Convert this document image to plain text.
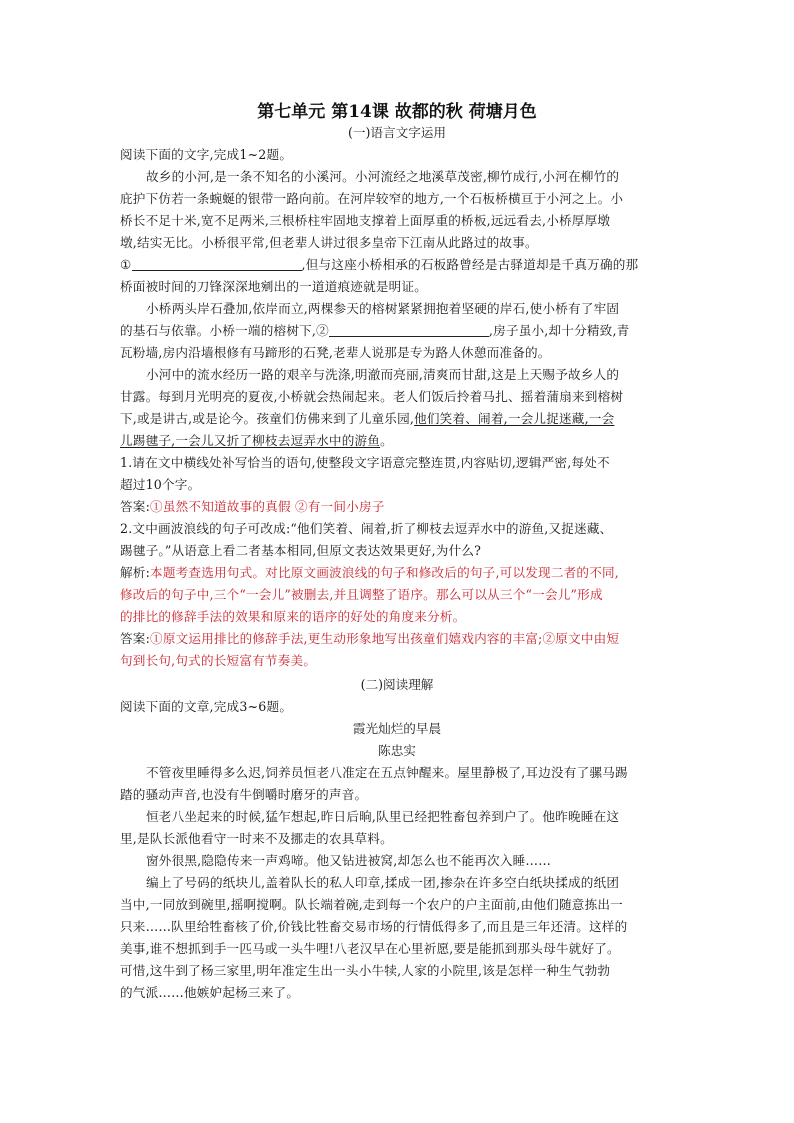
第七单元 第14课 故都的秋 荷塘月色
(一)语言文字运用
阅读下面的文字,完成1~2题。
故乡的小河,是一条不知名的小溪河。小河流经之地溪草茂密,柳竹成行,小河在柳竹的
庇护下仿若一条蜿蜒的银带一路向前。在河岸较窄的地方,一个石板桥横亘于小河之上。小
桥长不足十米,宽不足两米,三根桥柱牢固地支撑着上面厚重的桥板,远远看去,小桥厚厚墩
墩,结实无比。小桥很平常,但老辈人讲过很多皇帝下江南从此路过的故事。
①	,但与这座小桥相承的石板路曾经是古驿道却是千真万确的那
桥面被时间的刀锋深深地剜出的一道道痕迹就是明证。
小桥两头岸石叠加,依岸而立,两棵参天的榕树紧紧拥抱着坚硬的岸石,使小桥有了牢固
的基石与依靠。小桥一端的榕树下,②	,房子虽小,却十分精致,青
瓦粉墙,房内沿墙根修有马蹄形的石凳,老辈人说那是专为路人休憩而准备的。
小河中的流水经历一路的艰辛与洗涤,明澈而亮丽,清爽而甘甜,这是上天赐予故乡人的
甘露。每到月光明亮的夏夜,小桥就会热闹起来。老人们饭后拎着马扎、摇着蒲扇来到榕树
下,或是讲古,或是论今。孩童们仿佛来到了儿童乐园,他们笑着、闹着,一会儿捉迷藏,一会
儿踢毽子,一会儿又折了柳枝去逗弄水中的游鱼。
1.请在文中横线处补写恰当的语句,使整段文字语意完整连贯,内容贴切,逻辑严密,每处不
超过10个字。
答案:①虽然不知道故事的真假 ②有一间小房子
2.文中画波浪线的句子可改成:“他们笑着、闹着,折了柳枝去逗弄水中的游鱼,又捉迷藏、
踢毽子。”从语意上看二者基本相同,但原文表达效果更好,为什么?
解析:本题考查选用句式。对比原文画波浪线的句子和修改后的句子,可以发现二者的不同,
修改后的句子中,三个“一会儿”被删去,并且调整了语序。那么可以从三个“一会儿”形成
的排比的修辞手法的效果和原来的语序的好处的角度来分析。
答案:①原文运用排比的修辞手法,更生动形象地写出孩童们嬉戏内容的丰富;②原文中由短
句到长句,句式的长短富有节奏美。
(二)阅读理解
阅读下面的文章,完成3~6题。
霞光灿烂的早晨
陈忠实
不管夜里睡得多么迟,饲养员恒老八准定在五点钟醒来。屋里静极了,耳边没有了骡马踢
踏的骚动声音,也没有牛倒嚼时磨牙的声音。
恒老八坐起来的时候,猛乍想起,昨日后晌,队里已经把牲畜包养到户了。他昨晚睡在这
里,是队长派他看守一时来不及挪走的农具草料。
窗外很黑,隐隐传来一声鸡啼。他又钻进被窝,却怎么也不能再次入睡……
编上了号码的纸块儿,盖着队长的私人印章,揉成一团,掺杂在许多空白纸块揉成的纸团
当中,一同放到碗里,摇啊搅啊。队长端着碗,走到每一个农户的户主面前,由他们随意拣出一
只来……队里给牲畜核了价,价钱比牲畜交易市场的行情低得多了,而且是三年还清。这样的
美事,谁不想抓到手一匹马或一头牛哩!八老汉早在心里祈愿,要是能抓到那头母牛就好了。
可惜,这牛到了杨三家里,明年准定生出一头小牛犊,人家的小院里,该是怎样一种生气勃勃
的气派……他嫉妒起杨三来了。
